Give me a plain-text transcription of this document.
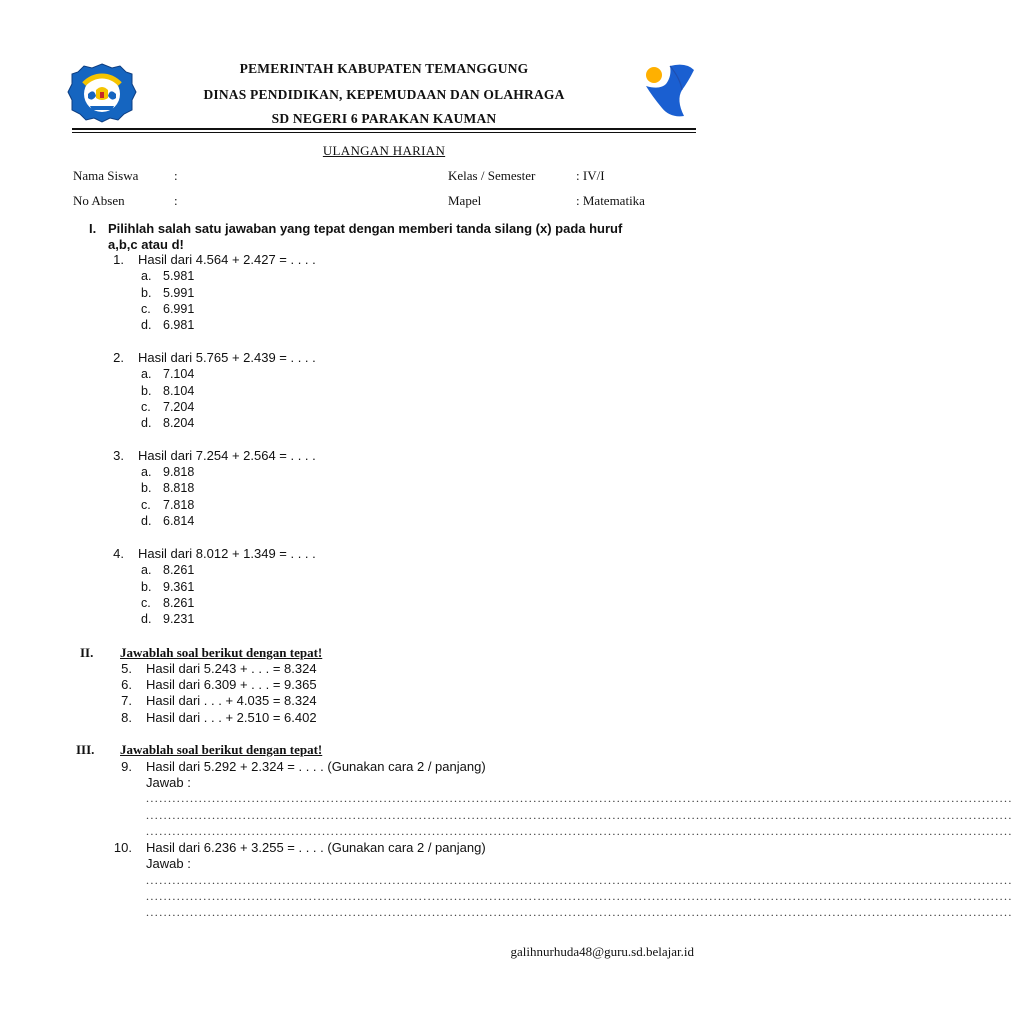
PEMERINTAH KABUPATEN TEMANGGUNG
DINAS PENDIDIKAN, KEPEMUDAAN DAN OLAHRAGA
SD NEGERI 6 PARAKAN KAUMAN
ULANGAN HARIAN
Nama Siswa	:	Kelas / Semester	: IV/I
No Absen	:	Mapel	: Matematika
I. Pilihlah salah satu jawaban yang tepat dengan memberi tanda silang (x) pada huruf
a,b,c atau d!
1. Hasil dari 4.564 + 2.427 = . . . .
a. 5.981
b. 5.991
c. 6.991
d. 6.981
2. Hasil dari 5.765 + 2.439 = . . . .
a. 7.104
b. 8.104
c. 7.204
d. 8.204
3. Hasil dari 7.254 + 2.564 = . . . .
a. 9.818
b. 8.818
c. 7.818
d. 6.814
4. Hasil dari 8.012 + 1.349 = . . . .
a. 8.261
b. 9.361
c. 8.261
d. 9.231
II. Jawablah soal berikut dengan tepat!
5. Hasil dari 5.243 + . . . = 8.324
6. Hasil dari 6.309 + . . . = 9.365
7. Hasil dari . . . + 4.035 = 8.324
8. Hasil dari . . . + 2.510 = 6.402
III. Jawablah soal berikut dengan tepat!
9. Hasil dari 5.292 + 2.324 = . . . . (Gunakan cara 2 / panjang)
Jawab :
.....................................................................................................................................................................................................
.....................................................................................................................................................................................................
.....................................................................................................................................................................................................
10. Hasil dari 6.236 + 3.255 = . . . . (Gunakan cara 2 / panjang)
Jawab :
.....................................................................................................................................................................................................
.....................................................................................................................................................................................................
.....................................................................................................................................................................................................
galihnurhuda48@guru.sd.belajar.id
